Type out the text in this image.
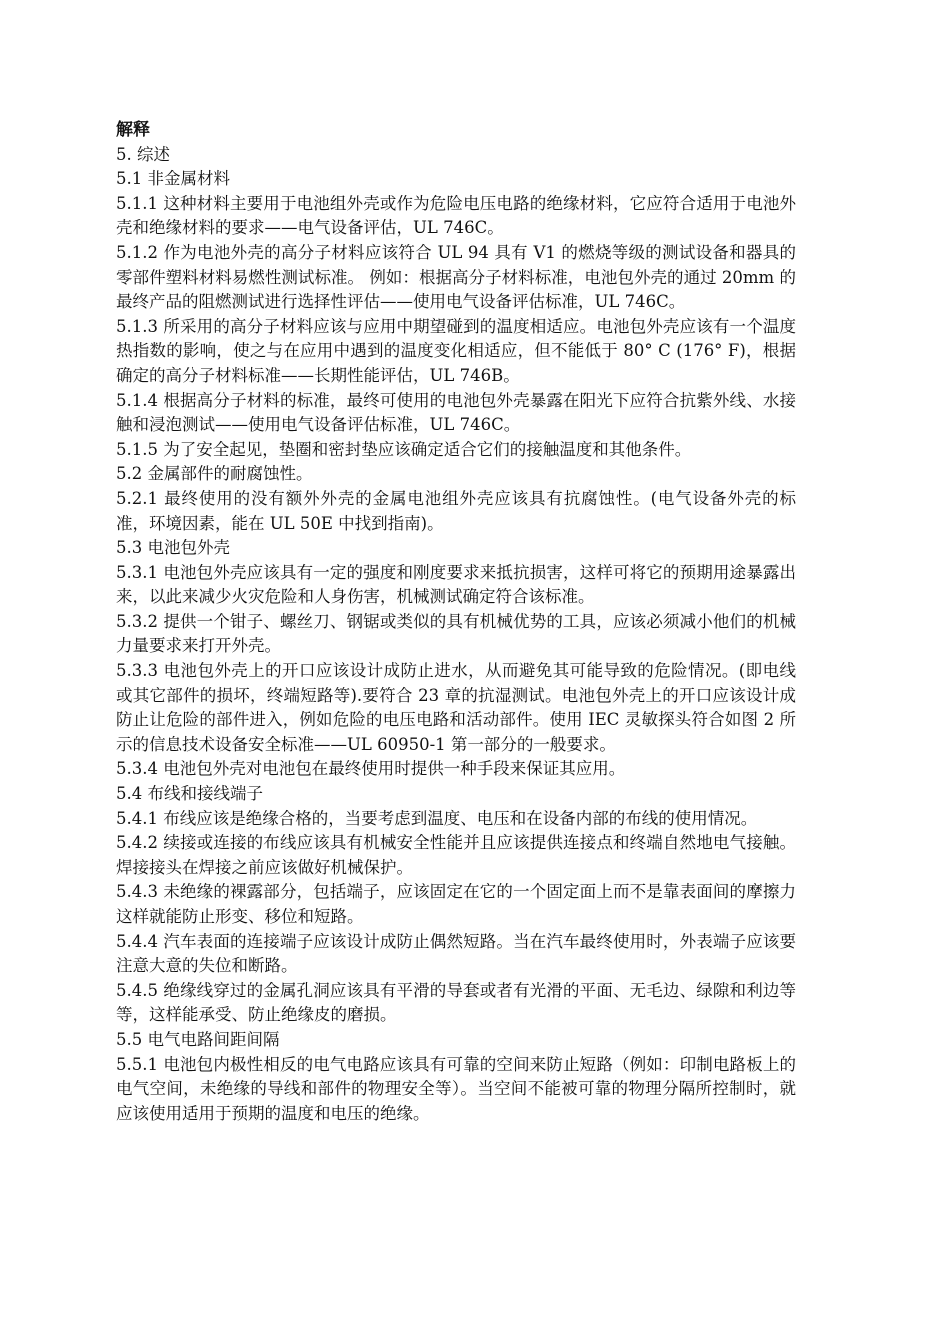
解释

5. 综述

5.1 非金属材料

5.1.1 这种材料主要用于电池组外壳或作为危险电压电路的绝缘材料，它应符合适用于电池外壳和绝缘材料的要求——电气设备评估，UL 746C。

5.1.2 作为电池外壳的高分子材料应该符合 UL 94 具有 V1 的燃烧等级的测试设备和器具的零部件塑料材料易燃性测试标准。 例如：根据高分子材料标准，电池包外壳的通过 20mm 的最终产品的阻燃测试进行选择性评估——使用电气设备评估标准，UL 746C。

5.1.3 所采用的高分子材料应该与应用中期望碰到的温度相适应。电池包外壳应该有一个温度热指数的影响，使之与在应用中遇到的温度变化相适应，但不能低于 80° C (176° F)，根据确定的高分子材料标准——长期性能评估，UL 746B。

5.1.4 根据高分子材料的标准，最终可使用的电池包外壳暴露在阳光下应符合抗紫外线、水接触和浸泡测试——使用电气设备评估标准，UL 746C。

5.1.5 为了安全起见，垫圈和密封垫应该确定适合它们的接触温度和其他条件。

5.2 金属部件的耐腐蚀性。

5.2.1 最终使用的没有额外外壳的金属电池组外壳应该具有抗腐蚀性。(电气设备外壳的标准，环境因素，能在 UL 50E 中找到指南)。

5.3 电池包外壳

5.3.1 电池包外壳应该具有一定的强度和刚度要求来抵抗损害，这样可将它的预期用途暴露出来，以此来减少火灾危险和人身伤害，机械测试确定符合该标准。

5.3.2 提供一个钳子、螺丝刀、钢锯或类似的具有机械优势的工具，应该必须减小他们的机械力量要求来打开外壳。

5.3.3 电池包外壳上的开口应该设计成防止进水，从而避免其可能导致的危险情况。(即电线或其它部件的损坏，终端短路等).要符合 23 章的抗湿测试。电池包外壳上的开口应该设计成防止让危险的部件进入，例如危险的电压电路和活动部件。使用 IEC 灵敏探头符合如图 2 所示的信息技术设备安全标准——UL 60950-1 第一部分的一般要求。

5.3.4 电池包外壳对电池包在最终使用时提供一种手段来保证其应用。

5.4 布线和接线端子

5.4.1 布线应该是绝缘合格的，当要考虑到温度、电压和在设备内部的布线的使用情况。

5.4.2 续接或连接的布线应该具有机械安全性能并且应该提供连接点和终端自然地电气接触。焊接接头在焊接之前应该做好机械保护。

5.4.3 未绝缘的裸露部分，包括端子，应该固定在它的一个固定面上而不是靠表面间的摩擦力这样就能防止形变、移位和短路。

5.4.4 汽车表面的连接端子应该设计成防止偶然短路。当在汽车最终使用时，外表端子应该要注意大意的失位和断路。

5.4.5 绝缘线穿过的金属孔洞应该具有平滑的导套或者有光滑的平面、无毛边、绿隙和利边等等，这样能承受、防止绝缘皮的磨损。

5.5 电气电路间距间隔

5.5.1 电池包内极性相反的电气电路应该具有可靠的空间来防止短路（例如：印制电路板上的电气空间，未绝缘的导线和部件的物理安全等）。当空间不能被可靠的物理分隔所控制时，就应该使用适用于预期的温度和电压的绝缘。
